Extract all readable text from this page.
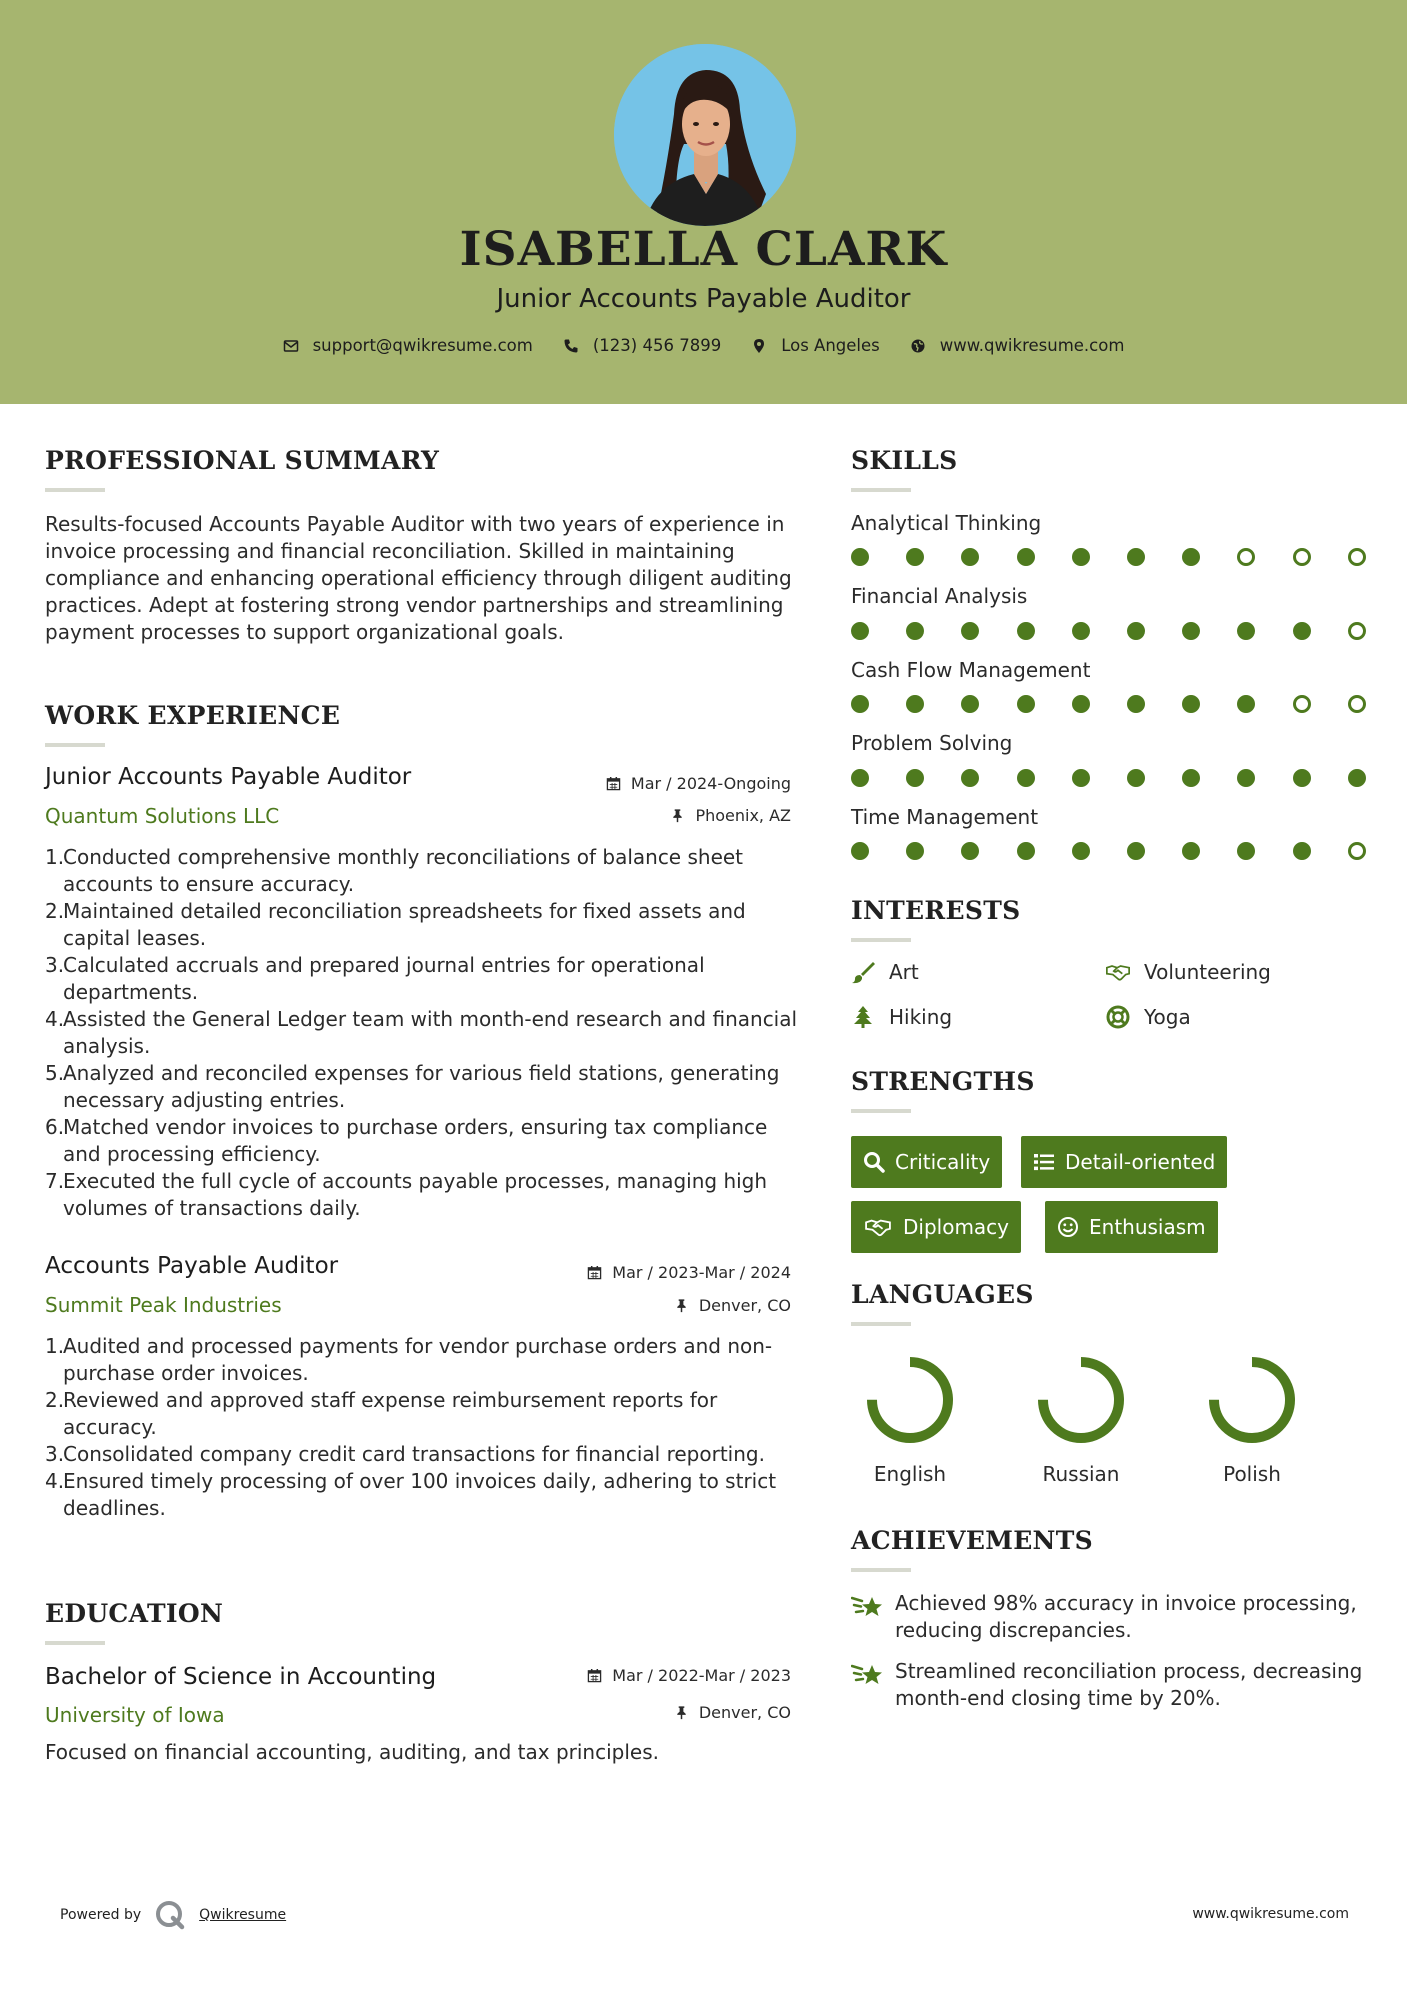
ISABELLA CLARK
Junior Accounts Payable Auditor
support@qwikresume.com	(123) 456 7899	Los Angeles	www.qwikresume.com
PROFESSIONAL SUMMARY
Results-focused Accounts Payable Auditor with two years of experience in invoice processing and financial reconciliation. Skilled in maintaining compliance and enhancing operational efficiency through diligent auditing practices. Adept at fostering strong vendor partnerships and streamlining payment processes to support organizational goals.
WORK EXPERIENCE
Junior Accounts Payable Auditor	Mar / 2024-Ongoing
Quantum Solutions LLC	Phoenix, AZ
1.
Conducted comprehensive monthly reconciliations of balance sheet accounts to ensure accuracy.
2.
Maintained detailed reconciliation spreadsheets for fixed assets and capital leases.
3.
Calculated accruals and prepared journal entries for operational departments.
4.
Assisted the General Ledger team with month-end research and financial analysis.
5.
Analyzed and reconciled expenses for various field stations, generating necessary adjusting entries.
6.
Matched vendor invoices to purchase orders, ensuring tax compliance and processing efficiency.
7.
Executed the full cycle of accounts payable processes, managing high volumes of transactions daily.
Accounts Payable Auditor	Mar / 2023-Mar / 2024
Summit Peak Industries	Denver, CO
1.
Audited and processed payments for vendor purchase orders and non-purchase order invoices.
2.
Reviewed and approved staff expense reimbursement reports for accuracy.
3.
Consolidated company credit card transactions for financial reporting.
4.
Ensured timely processing of over 100 invoices daily, adhering to strict deadlines.
EDUCATION
Bachelor of Science in Accounting	Mar / 2022-Mar / 2023
University of Iowa	Denver, CO
Focused on financial accounting, auditing, and tax principles.
SKILLS
Analytical Thinking
Financial Analysis
Cash Flow Management
Problem Solving
Time Management
INTERESTS
Art	Volunteering
Hiking	Yoga
STRENGTHS
Criticality	Detail-oriented
Diplomacy	Enthusiasm
LANGUAGES
English	Russian	Polish
ACHIEVEMENTS
Achieved 98% accuracy in invoice processing, reducing discrepancies.
Streamlined reconciliation process, decreasing month-end closing time by 20%.
Powered by	Qwikresume	www.qwikresume.com
